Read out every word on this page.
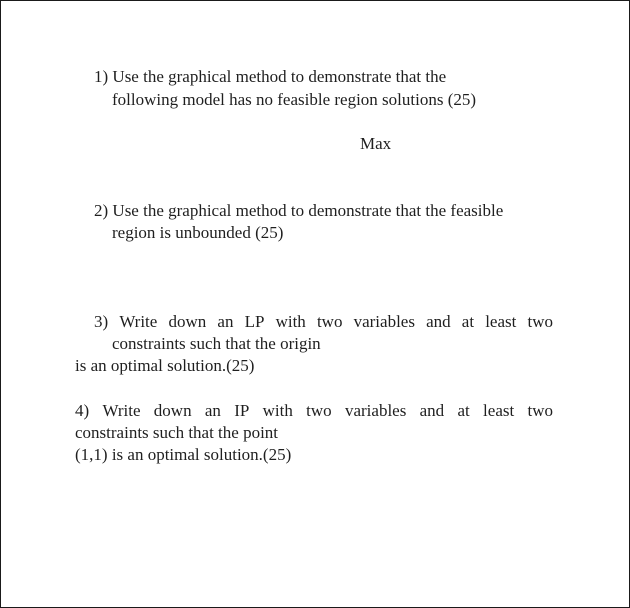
1) Use the graphical method to demonstrate that the
following model has no feasible region solutions (25)
Max
2) Use the graphical method to demonstrate that the feasible
region is unbounded (25)
3) Write down an LP with two variables and at least two
constraints such that the origin
is an optimal solution.(25)
4) Write down an IP with two variables and at least two
constraints such that the point
(1,1) is an optimal solution.(25)
